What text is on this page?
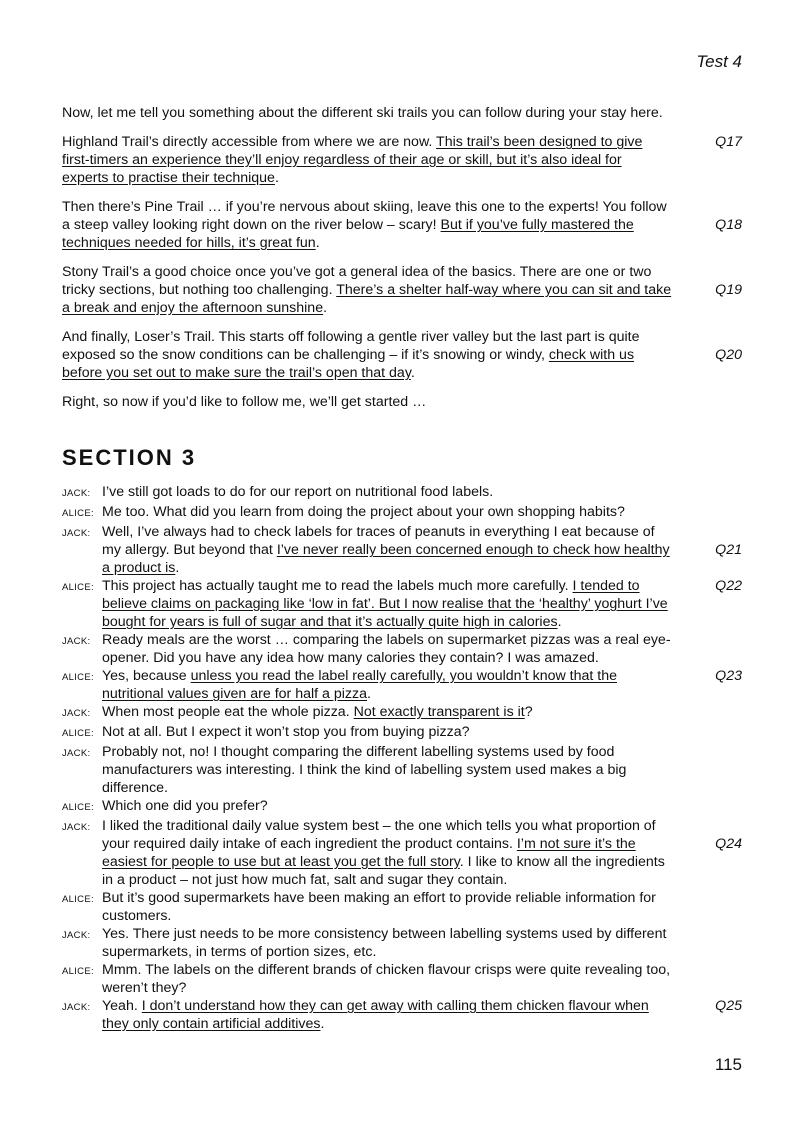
Test 4

Now, let me tell you something about the different ski trails you can follow during your stay here.

Highland Trail’s directly accessible from where we are now. This trail’s been designed to give first-timers an experience they’ll enjoy regardless of their age or skill, but it’s also ideal for experts to practise their technique.
Q17

Then there’s Pine Trail … if you’re nervous about skiing, leave this one to the experts! You follow a steep valley looking right down on the river below – scary! But if you’ve fully mastered the techniques needed for hills, it’s great fun.
Q18

Stony Trail’s a good choice once you’ve got a general idea of the basics. There are one or two tricky sections, but nothing too challenging. There’s a shelter half-way where you can sit and take a break and enjoy the afternoon sunshine.
Q19

And finally, Loser’s Trail. This starts off following a gentle river valley but the last part is quite exposed so the snow conditions can be challenging – if it’s snowing or windy, check with us before you set out to make sure the trail’s open that day.
Q20

Right, so now if you’d like to follow me, we’ll get started …

SECTION 3
JACK: I’ve still got loads to do for our report on nutritional food labels.
ALICE: Me too. What did you learn from doing the project about your own shopping habits?
JACK: Well, I’ve always had to check labels for traces of peanuts in everything I eat because of my allergy. But beyond that I’ve never really been concerned enough to check how healthy a product is.
Q21
ALICE: This project has actually taught me to read the labels much more carefully. I tended to believe claims on packaging like ‘low in fat’. But I now realise that the ‘healthy’ yoghurt I’ve bought for years is full of sugar and that it’s actually quite high in calories.
Q22
JACK: Ready meals are the worst … comparing the labels on supermarket pizzas was a real eye-opener. Did you have any idea how many calories they contain? I was amazed.
ALICE: Yes, because unless you read the label really carefully, you wouldn’t know that the nutritional values given are for half a pizza.
Q23
JACK: When most people eat the whole pizza. Not exactly transparent is it?
ALICE: Not at all. But I expect it won’t stop you from buying pizza?
JACK: Probably not, no! I thought comparing the different labelling systems used by food manufacturers was interesting. I think the kind of labelling system used makes a big difference.
ALICE: Which one did you prefer?
JACK: I liked the traditional daily value system best – the one which tells you what proportion of your required daily intake of each ingredient the product contains. I’m not sure it’s the easiest for people to use but at least you get the full story. I like to know all the ingredients in a product – not just how much fat, salt and sugar they contain.
Q24
ALICE: But it’s good supermarkets have been making an effort to provide reliable information for customers.
JACK: Yes. There just needs to be more consistency between labelling systems used by different supermarkets, in terms of portion sizes, etc.
ALICE: Mmm. The labels on the different brands of chicken flavour crisps were quite revealing too, weren’t they?
JACK: Yeah. I don’t understand how they can get away with calling them chicken flavour when they only contain artificial additives.
Q25
115
